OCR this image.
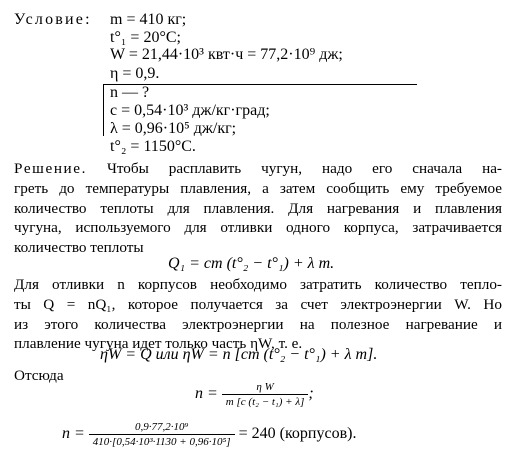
Условие: m = 410 кг;
t°₁ = 20°C;
W = 21,44·10³ квт·ч = 77,2·10⁹ дж;
η = 0,9.
n — ?
c = 0,54·10³ дж/кг·град;
λ = 0,96·10⁵ дж/кг;
t°₂ = 1150°C.
Решение. Чтобы расплавить чугун, надо его сначала на-
греть до температуры плавления, а затем сообщить ему требуемое
количество теплоты для плавления. Для нагревания и плавления
чугуна, используемого для отливки одного корпуса, затрачивается
количество теплоты
Q₁ = cm (t°₂ − t°₁) + λ m.
Для отливки n корпусов необходимо затратить количество тепло-
ты Q = nQ₁, которое получается за счет электроэнергии W. Но
из этого количества электроэнергии на полезное нагревание и
плавление чугуна идет только часть ηW, т. е.
ηW = Q или ηW = n [cm (t°₂ − t°₁) + λ m].
Отсюда
$n = \frac{\text{η W}}{\text{m [c (t₂ − t₁) + λ]}}$ ;
$n = \frac{\text{0,9·77,2·10⁹}}{\text{410·[0,54·10³·1130 + 0,96·10⁵]}} = 240$ (корпусов).
